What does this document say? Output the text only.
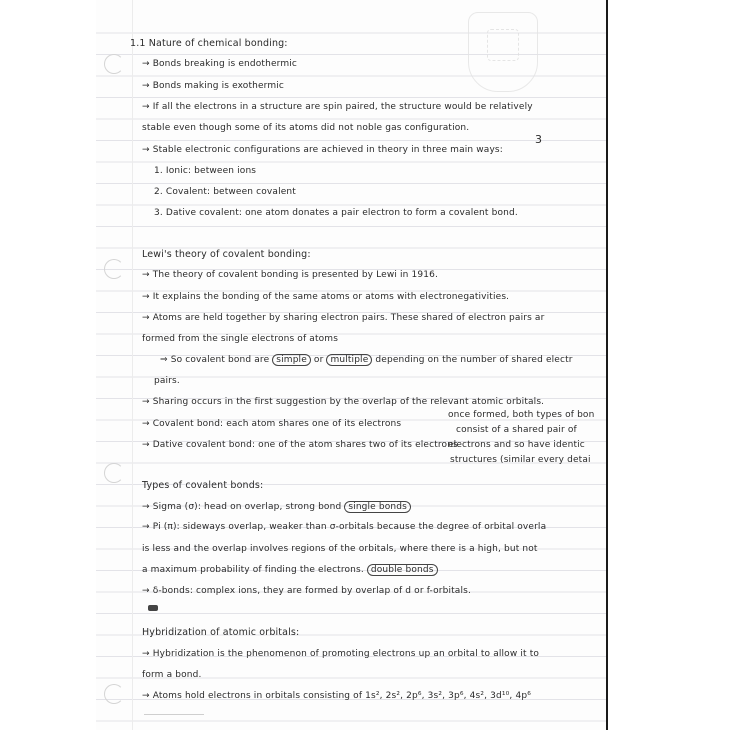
1.1 Nature of chemical bonding:
→ Bonds breaking is endothermic
→ Bonds making is exothermic
→ If all the electrons in a structure are spin paired, the structure would be relatively
stable even though some of its atoms did not noble gas configuration.
3
→ Stable electronic configurations are achieved in theory in three main ways:
1. Ionic: between ions
2. Covalent: between covalent
3. Dative covalent: one atom donates a pair electron to form a covalent bond.
Lewi's theory of covalent bonding:
→ The theory of covalent bonding is presented by Lewi in 1916.
→ It explains the bonding of the same atoms or atoms with electronegativities.
→ Atoms are held together by sharing electron pairs. These shared of electron pairs ar
formed from the single electrons of atoms
⇒ So covalent bond are simple or multiple depending on the number of shared electr
pairs.
→ Sharing occurs in the first suggestion by the overlap of the relevant atomic orbitals.
once formed, both types of bon
→ Covalent bond: each atom shares one of its electrons
consist of a shared pair of
→ Dative covalent bond: one of the atom shares two of its electrons
electrons and so have identic
structures (similar every detai
Types of covalent bonds:
→ Sigma (σ): head on overlap, strong bond single bonds
→ Pi (π): sideways overlap, weaker than σ-orbitals because the degree of orbital overla
is less and the overlap involves regions of the orbitals, where there is a high, but not
a maximum probability of finding the electrons. double bonds
→ δ-bonds: complex ions, they are formed by overlap of d or f-orbitals.
Hybridization of atomic orbitals:
→ Hybridization is the phenomenon of promoting electrons up an orbital to allow it to
form a bond.
→ Atoms hold electrons in orbitals consisting of 1s², 2s², 2p⁶, 3s², 3p⁶, 4s², 3d¹⁰, 4p⁶
